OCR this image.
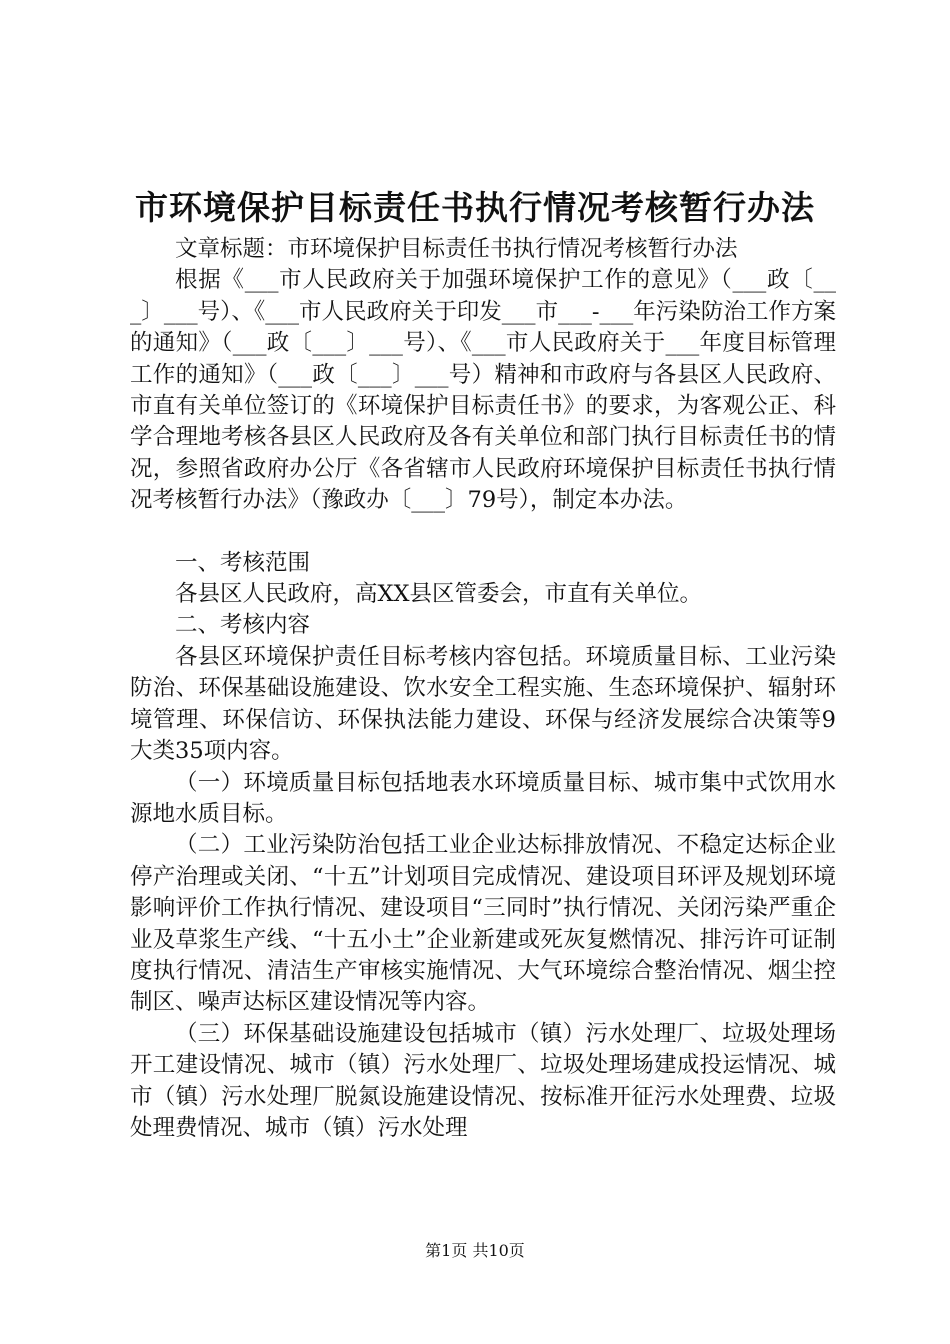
市环境保护目标责任书执行情况考核暂行办法

文章标题：市环境保护目标责任书执行情况考核暂行办法

根据《___市人民政府关于加强环境保护工作的意见》（___政〔___〕___号）、《___市人民政府关于印发___市___-___年污染防治工作方案的通知》（___政〔___〕___号）、《___市人民政府关于___年度目标管理工作的通知》（___政〔___〕___号）精神和市政府与各县区人民政府、市直有关单位签订的《环境保护目标责任书》的要求，为客观公正、科学合理地考核各县区人民政府及各有关单位和部门执行目标责任书的情况，参照省政府办公厅《各省辖市人民政府环境保护目标责任书执行情况考核暂行办法》（豫政办〔___〕79号），制定本办法。

一、考核范围

各县区人民政府，高XX县区管委会，市直有关单位。

二、考核内容

各县区环境保护责任目标考核内容包括。环境质量目标、工业污染防治、环保基础设施建设、饮水安全工程实施、生态环境保护、辐射环境管理、环保信访、环保执法能力建设、环保与经济发展综合决策等9大类35项内容。

（一）环境质量目标包括地表水环境质量目标、城市集中式饮用水源地水质目标。

（二）工业污染防治包括工业企业达标排放情况、不稳定达标企业停产治理或关闭、“十五”计划项目完成情况、建设项目环评及规划环境影响评价工作执行情况、建设项目“三同时”执行情况、关闭污染严重企业及草浆生产线、“十五小土”企业新建或死灰复燃情况、排污许可证制度执行情况、清洁生产审核实施情况、大气环境综合整治情况、烟尘控制区、噪声达标区建设情况等内容。

（三）环保基础设施建设包括城市（镇）污水处理厂、垃圾处理场开工建设情况、城市（镇）污水处理厂、垃圾处理场建成投运情况、城市（镇）污水处理厂脱氮设施建设情况、按标准开征污水处理费、垃圾处理费情况、城市（镇）污水处理

第1页 共10页
